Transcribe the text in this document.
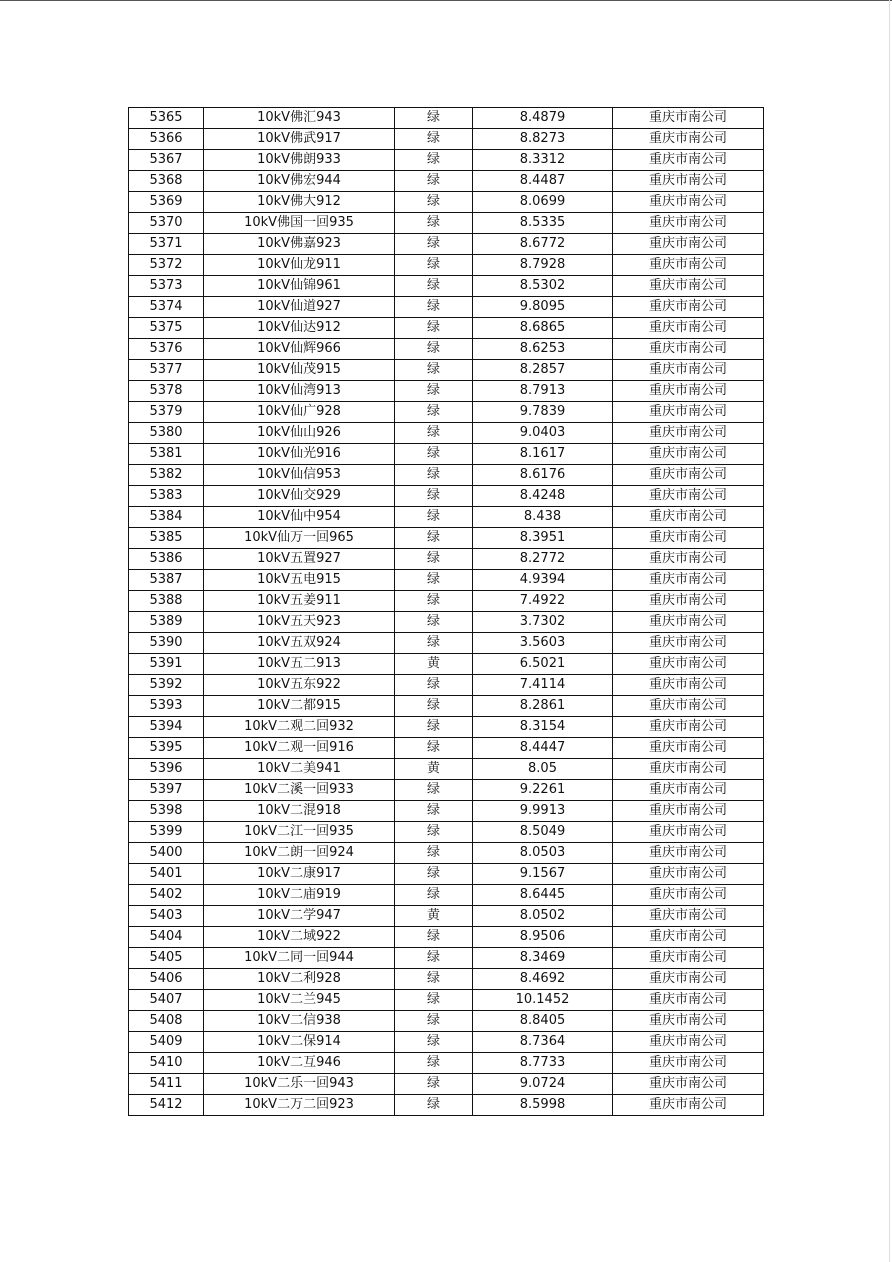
5365	10kV佛汇943	绿	8.4879	重庆市南公司
5366	10kV佛武917	绿	8.8273	重庆市南公司
5367	10kV佛朗933	绿	8.3312	重庆市南公司
5368	10kV佛宏944	绿	8.4487	重庆市南公司
5369	10kV佛大912	绿	8.0699	重庆市南公司
5370	10kV佛国一回935	绿	8.5335	重庆市南公司
5371	10kV佛嘉923	绿	8.6772	重庆市南公司
5372	10kV仙龙911	绿	8.7928	重庆市南公司
5373	10kV仙锦961	绿	8.5302	重庆市南公司
5374	10kV仙道927	绿	9.8095	重庆市南公司
5375	10kV仙达912	绿	8.6865	重庆市南公司
5376	10kV仙辉966	绿	8.6253	重庆市南公司
5377	10kV仙茂915	绿	8.2857	重庆市南公司
5378	10kV仙湾913	绿	8.7913	重庆市南公司
5379	10kV仙广928	绿	9.7839	重庆市南公司
5380	10kV仙山926	绿	9.0403	重庆市南公司
5381	10kV仙光916	绿	8.1617	重庆市南公司
5382	10kV仙信953	绿	8.6176	重庆市南公司
5383	10kV仙交929	绿	8.4248	重庆市南公司
5384	10kV仙中954	绿	8.438	重庆市南公司
5385	10kV仙万一回965	绿	8.3951	重庆市南公司
5386	10kV五置927	绿	8.2772	重庆市南公司
5387	10kV五电915	绿	4.9394	重庆市南公司
5388	10kV五姜911	绿	7.4922	重庆市南公司
5389	10kV五天923	绿	3.7302	重庆市南公司
5390	10kV五双924	绿	3.5603	重庆市南公司
5391	10kV五二913	黄	6.5021	重庆市南公司
5392	10kV五东922	绿	7.4114	重庆市南公司
5393	10kV二都915	绿	8.2861	重庆市南公司
5394	10kV二观二回932	绿	8.3154	重庆市南公司
5395	10kV二观一回916	绿	8.4447	重庆市南公司
5396	10kV二美941	黄	8.05	重庆市南公司
5397	10kV二溪一回933	绿	9.2261	重庆市南公司
5398	10kV二混918	绿	9.9913	重庆市南公司
5399	10kV二江一回935	绿	8.5049	重庆市南公司
5400	10kV二朗一回924	绿	8.0503	重庆市南公司
5401	10kV二康917	绿	9.1567	重庆市南公司
5402	10kV二庙919	绿	8.6445	重庆市南公司
5403	10kV二学947	黄	8.0502	重庆市南公司
5404	10kV二域922	绿	8.9506	重庆市南公司
5405	10kV二同一回944	绿	8.3469	重庆市南公司
5406	10kV二利928	绿	8.4692	重庆市南公司
5407	10kV二兰945	绿	10.1452	重庆市南公司
5408	10kV二信938	绿	8.8405	重庆市南公司
5409	10kV二保914	绿	8.7364	重庆市南公司
5410	10kV二互946	绿	8.7733	重庆市南公司
5411	10kV二乐一回943	绿	9.0724	重庆市南公司
5412	10kV二万二回923	绿	8.5998	重庆市南公司
